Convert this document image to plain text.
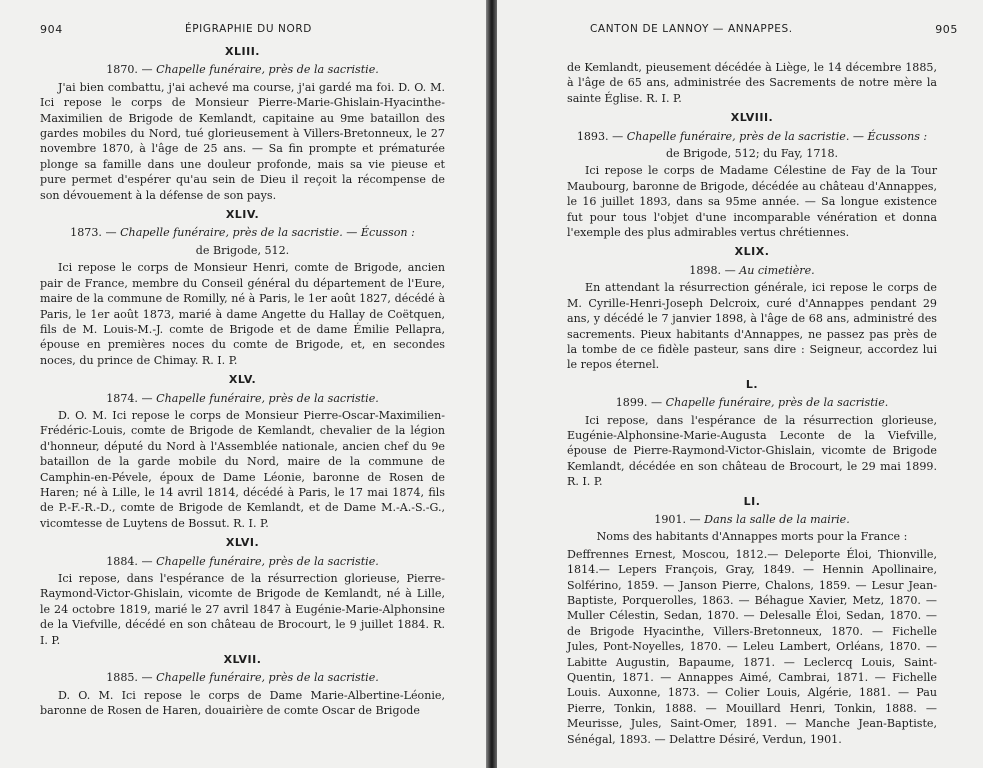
904	ÉPIGRAPHIE DU NORD
XLIII.
1870. — Chapelle funéraire, près de la sacristie.

J'ai bien combattu, j'ai achevé ma course, j'ai gardé ma foi. D. O. M. Ici repose le corps de Monsieur Pierre-Marie-Ghislain-Hyacinthe-Maximilien de Brigode de Kemlandt, capitaine au 9me bataillon des gardes mobiles du Nord, tué glorieusement à Villers-Bretonneux, le 27 novembre 1870, à l'âge de 25 ans. — Sa fin prompte et prématurée plonge sa famille dans une douleur profonde, mais sa vie pieuse et pure permet d'espérer qu'au sein de Dieu il reçoit la récompense de son dévouement à la défense de son pays.

XLIV.
1873. — Chapelle funéraire, près de la sacristie. — Écusson :
de Brigode, 512.

Ici repose le corps de Monsieur Henri, comte de Brigode, ancien pair de France, membre du Conseil général du département de l'Eure, maire de la commune de Romilly, né à Paris, le 1er août 1827, décédé à Paris, le 1er août 1873, marié à dame Angette du Hallay de Coëtquen, fils de M. Louis-M.-J. comte de Brigode et de dame Émilie Pellapra, épouse en premières noces du comte de Brigode, et, en secondes noces, du prince de Chimay. R. I. P.

XLV.
1874. — Chapelle funéraire, près de la sacristie.

D. O. M. Ici repose le corps de Monsieur Pierre-Oscar-Maximilien-Frédéric-Louis, comte de Brigode de Kemlandt, chevalier de la légion d'honneur, député du Nord à l'Assemblée nationale, ancien chef du 9e bataillon de la garde mobile du Nord, maire de la commune de Camphin-en-Pévele, époux de Dame Léonie, baronne de Rosen de Haren; né à Lille, le 14 avril 1814, décédé à Paris, le 17 mai 1874, fils de P.-F.-R.-D., comte de Brigode de Kemlandt, et de Dame M.-A.-S.-G., vicomtesse de Luytens de Bossut. R. I. P.

XLVI.
1884. — Chapelle funéraire, près de la sacristie.

Ici repose, dans l'espérance de la résurrection glorieuse, Pierre-Raymond-Victor-Ghislain, vicomte de Brigode de Kemlandt, né à Lille, le 24 octobre 1819, marié le 27 avril 1847 à Eugénie-Marie-Alphonsine de la Viefville, décédé en son château de Brocourt, le 9 juillet 1884. R. I. P.

XLVII.
1885. — Chapelle funéraire, près de la sacristie.

D. O. M. Ici repose le corps de Dame Marie-Albertine-Léonie, baronne de Rosen de Haren, douairière de comte Oscar de Brigode

CANTON DE LANNOY — ANNAPPES.	905

de Kemlandt, pieusement décédée à Liège, le 14 décembre 1885, à l'âge de 65 ans, administrée des Sacrements de notre mère la sainte Église. R. I. P.

XLVIII.
1893. — Chapelle funéraire, près de la sacristie. — Écussons :
de Brigode, 512; du Fay, 1718.

Ici repose le corps de Madame Célestine de Fay de la Tour Maubourg, baronne de Brigode, décédée au château d'Annappes, le 16 juillet 1893, dans sa 95me année. — Sa longue existence fut pour tous l'objet d'une incomparable vénération et donna l'exemple des plus admirables vertus chrétiennes.

XLIX.
1898. — Au cimetière.

En attendant la résurrection générale, ici repose le corps de M. Cyrille-Henri-Joseph Delcroix, curé d'Annappes pendant 29 ans, y décédé le 7 janvier 1898, à l'âge de 68 ans, administré des sacrements. Pieux habitants d'Annappes, ne passez pas près de la tombe de ce fidèle pasteur, sans dire : Seigneur, accordez lui le repos éternel.

L.
1899. — Chapelle funéraire, près de la sacristie.

Ici repose, dans l'espérance de la résurrection glorieuse, Eugénie-Alphonsine-Marie-Augusta Leconte de la Viefville, épouse de Pierre-Raymond-Victor-Ghislain, vicomte de Brigode Kemlandt, décédée en son château de Brocourt, le 29 mai 1899. R. I. P.

LI.
1901. — Dans la salle de la mairie.
Noms des habitants d'Annappes morts pour la France :

Deffrennes Ernest, Moscou, 1812.— Deleporte Éloi, Thionville, 1814.— Lepers François, Gray, 1849. — Hennin Apollinaire, Solférino, 1859. — Janson Pierre, Chalons, 1859. — Lesur Jean-Baptiste, Porquerolles, 1863. — Béhague Xavier, Metz, 1870. — Muller Célestin, Sedan, 1870. — Delesalle Éloi, Sedan, 1870. — de Brigode Hyacinthe, Villers-Bretonneux, 1870. — Fichelle Jules, Pont-Noyelles, 1870. — Leleu Lambert, Orléans, 1870. — Labitte Augustin, Bapaume, 1871. — Leclercq Louis, Saint-Quentin, 1871. — Annappes Aimé, Cambrai, 1871. — Fichelle Louis. Auxonne, 1873. — Colier Louis, Algérie, 1881. — Pau Pierre, Tonkin, 1888. — Mouillard Henri, Tonkin, 1888. — Meurisse, Jules, Saint-Omer, 1891. — Manche Jean-Baptiste, Sénégal, 1893. — Delattre Désiré, Verdun, 1901.
